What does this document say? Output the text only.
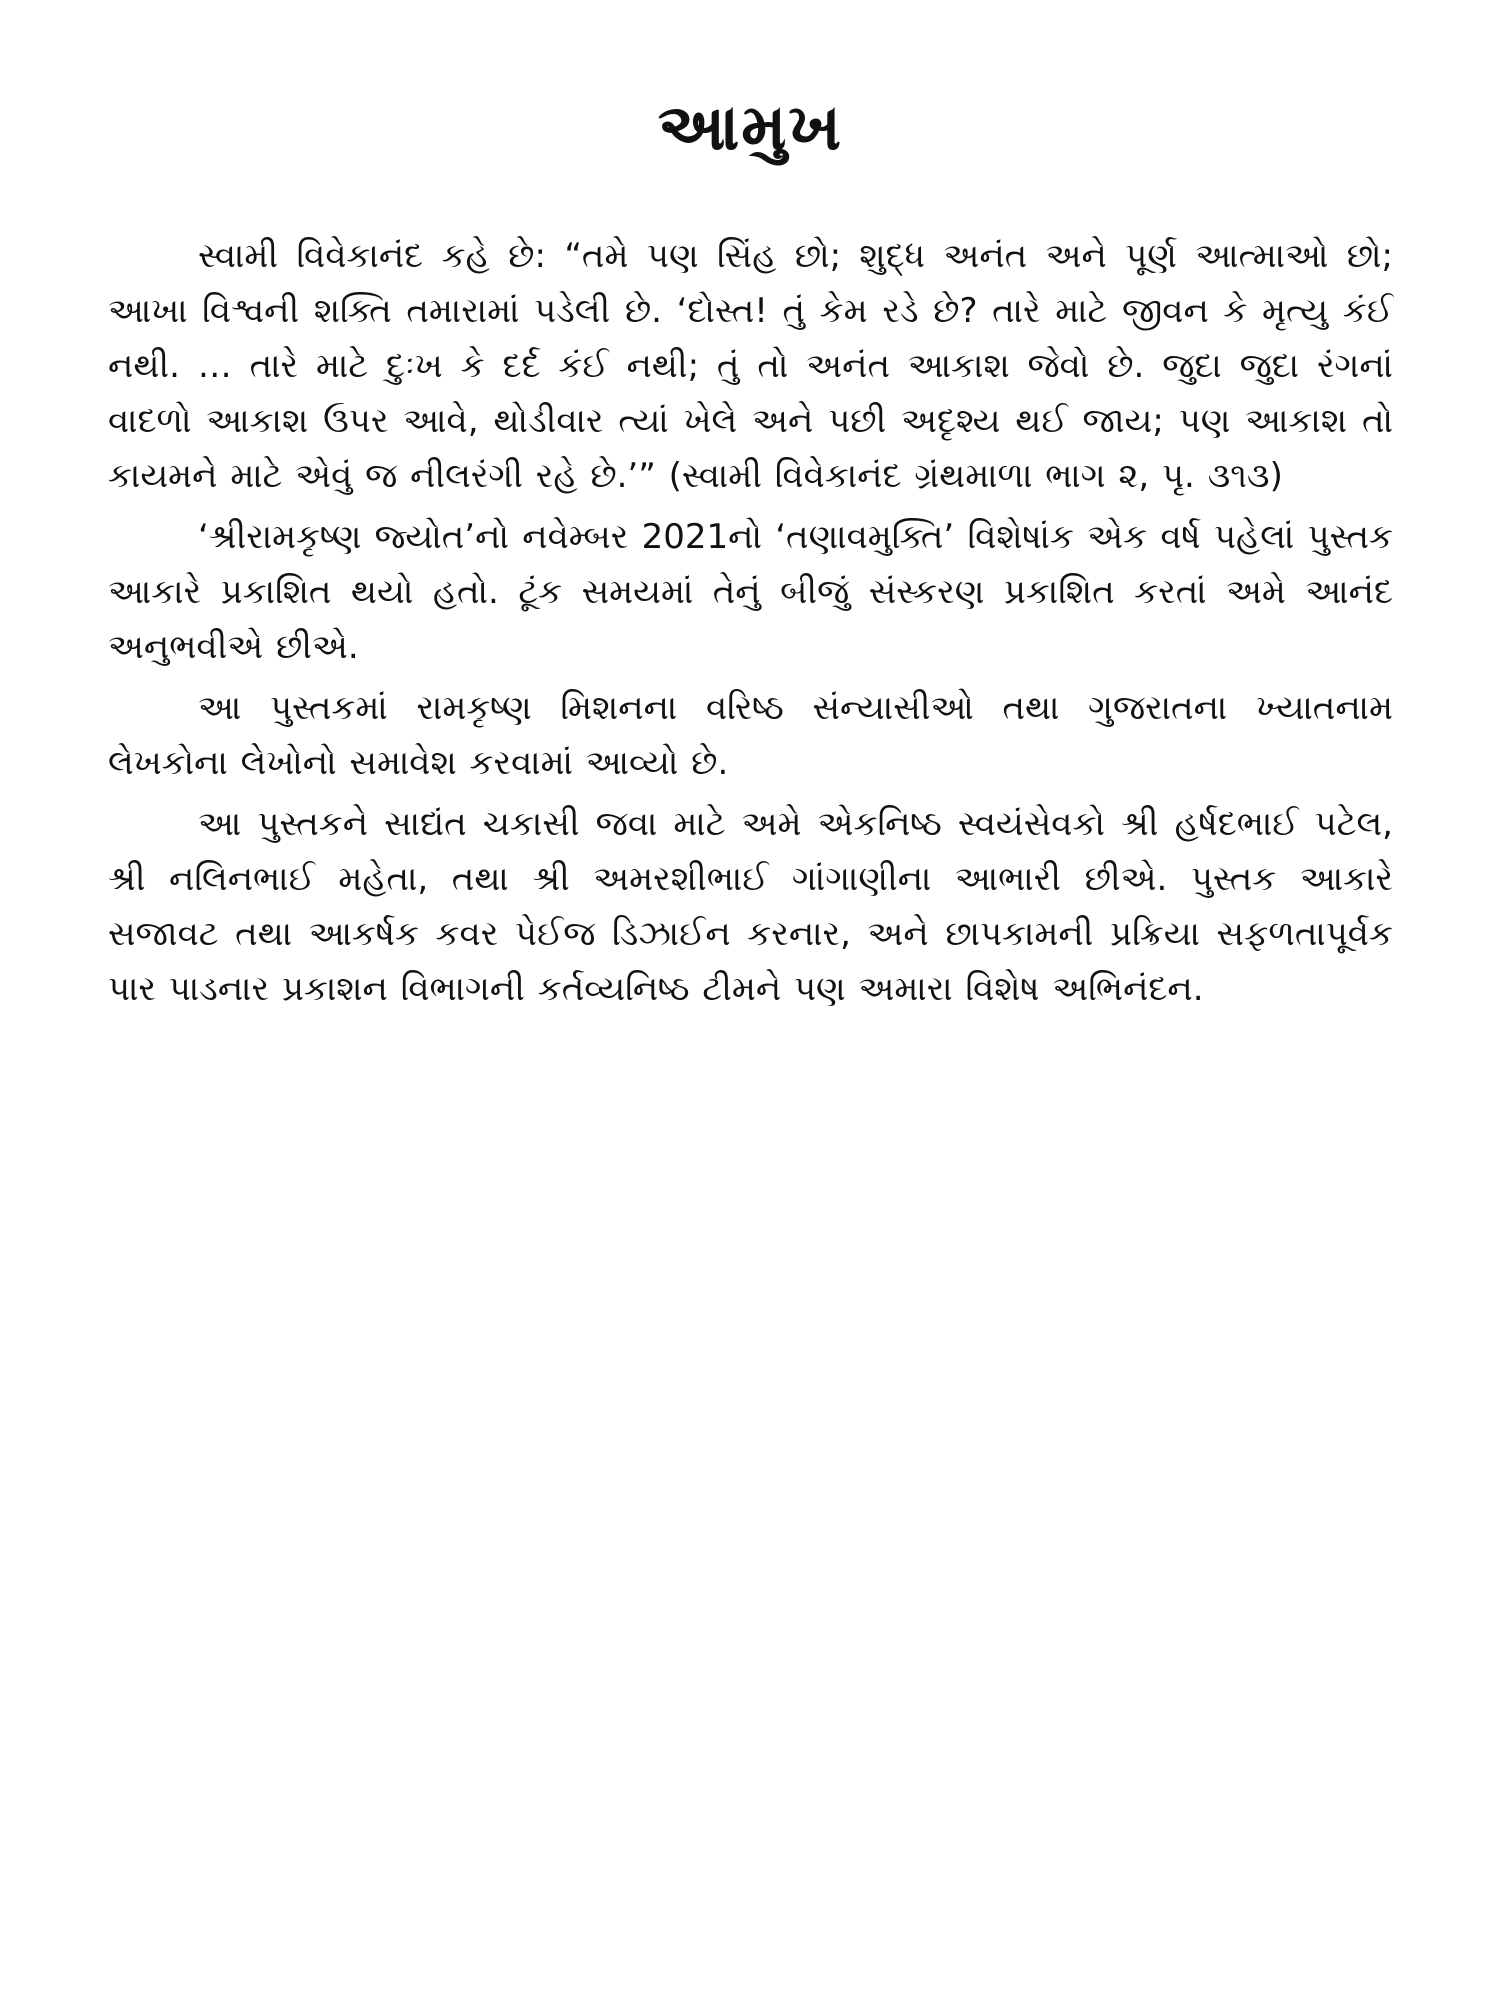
આમુખ

સ્વામી વિવેકાનંદ કહે છે: “તમે પણ સિંહ છો; શુદ્ધ અનંત અને પૂર્ણ આત્માઓ છો; આખા વિશ્વની શક્તિ તમારામાં પડેલી છે. ‘દોસ્ત! તું કેમ રડે છે? તારે માટે જીવન કે મૃત્યુ કંઈ નથી. … તારે માટે દુઃખ કે દર્દ કંઈ નથી; તું તો અનંત આકાશ જેવો છે. જુદા જુદા રંગનાં વાદળો આકાશ ઉપર આવે, થોડીવાર ત્યાં ખેલે અને પછી અદૃશ્ય થઈ જાય; પણ આકાશ તો કાયમને માટે એવું જ નીલરંગી રહે છે.’” (સ્વામી વિવેકાનંદ ગ્રંથમાળા ભાગ ૨, પૃ. ૩૧૩)

‘શ્રીરામકૃષ્ણ જ્યોત’નો નવેમ્બર 2021નો ‘તણાવમુક્તિ’ વિશેષાંક એક વર્ષ પહેલાં પુસ્તક આકારે પ્રકાશિત થયો હતો. ટૂંક સમયમાં તેનું બીજું સંસ્કરણ પ્રકાશિત કરતાં અમે આનંદ અનુભવીએ છીએ.

આ પુસ્તકમાં રામકૃષ્ણ મિશનના વરિષ્ઠ સંન્યાસીઓ તથા ગુજરાતના ખ્યાતનામ લેખકોના લેખોનો સમાવેશ કરવામાં આવ્યો છે.

આ પુસ્તકને સાદ્યંત ચકાસી જવા માટે અમે એકનિષ્ઠ સ્વયંસેવકો શ્રી હર્ષદભાઈ પટેલ, શ્રી નલિનભાઈ મહેતા, તથા શ્રી અમરશીભાઈ ગાંગાણીના આભારી છીએ. પુસ્તક આકારે સજાવટ તથા આકર્ષક કવર પેઈજ ડિઝાઈન કરનાર, અને છાપકામની પ્રક્રિયા સફળતાપૂર્વક પાર પાડનાર પ્રકાશન વિભાગની કર્તવ્યનિષ્ઠ ટીમને પણ અમારા વિશેષ અભિનંદન.
